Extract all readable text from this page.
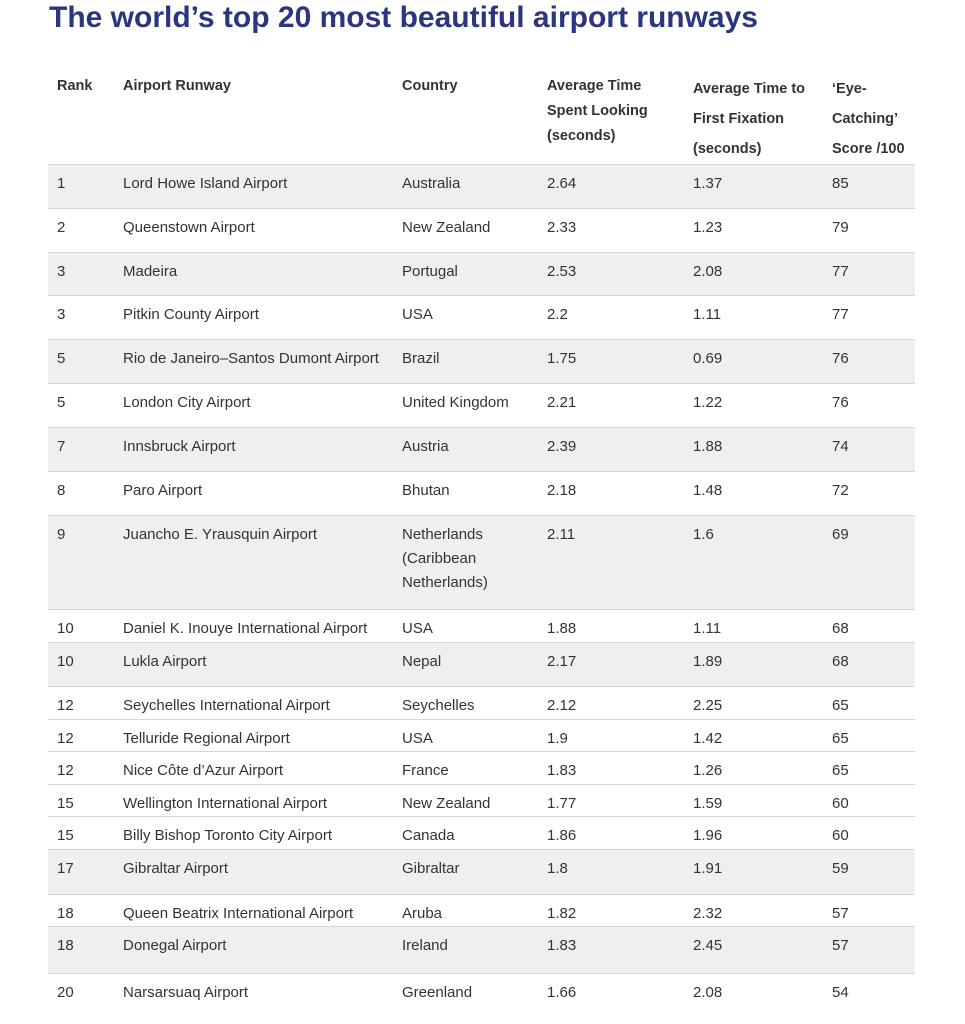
The world’s top 20 most beautiful airport runways
Rank	Airport Runway	Country	Average Time Spent Looking (seconds)	Average Time to First Fixation (seconds)	‘Eye-Catching’ Score /100
1	Lord Howe Island Airport	Australia	2.64	1.37	85
2	Queenstown Airport	New Zealand	2.33	1.23	79
3	Madeira	Portugal	2.53	2.08	77
3	Pitkin County Airport	USA	2.2	1.11	77
5	Rio de Janeiro–Santos Dumont Airport	Brazil	1.75	0.69	76
5	London City Airport	United Kingdom	2.21	1.22	76
7	Innsbruck Airport	Austria	2.39	1.88	74
8	Paro Airport	Bhutan	2.18	1.48	72
9	Juancho E. Yrausquin Airport	Netherlands (Caribbean Netherlands)	2.11	1.6	69
10	Daniel K. Inouye International Airport	USA	1.88	1.11	68
10	Lukla Airport	Nepal	2.17	1.89	68
12	Seychelles International Airport	Seychelles	2.12	2.25	65
12	Telluride Regional Airport	USA	1.9	1.42	65
12	Nice Côte d’Azur Airport	France	1.83	1.26	65
15	Wellington International Airport	New Zealand	1.77	1.59	60
15	Billy Bishop Toronto City Airport	Canada	1.86	1.96	60
17	Gibraltar Airport	Gibraltar	1.8	1.91	59
18	Queen Beatrix International Airport	Aruba	1.82	2.32	57
18	Donegal Airport	Ireland	1.83	2.45	57
20	Narsarsuaq Airport	Greenland	1.66	2.08	54
